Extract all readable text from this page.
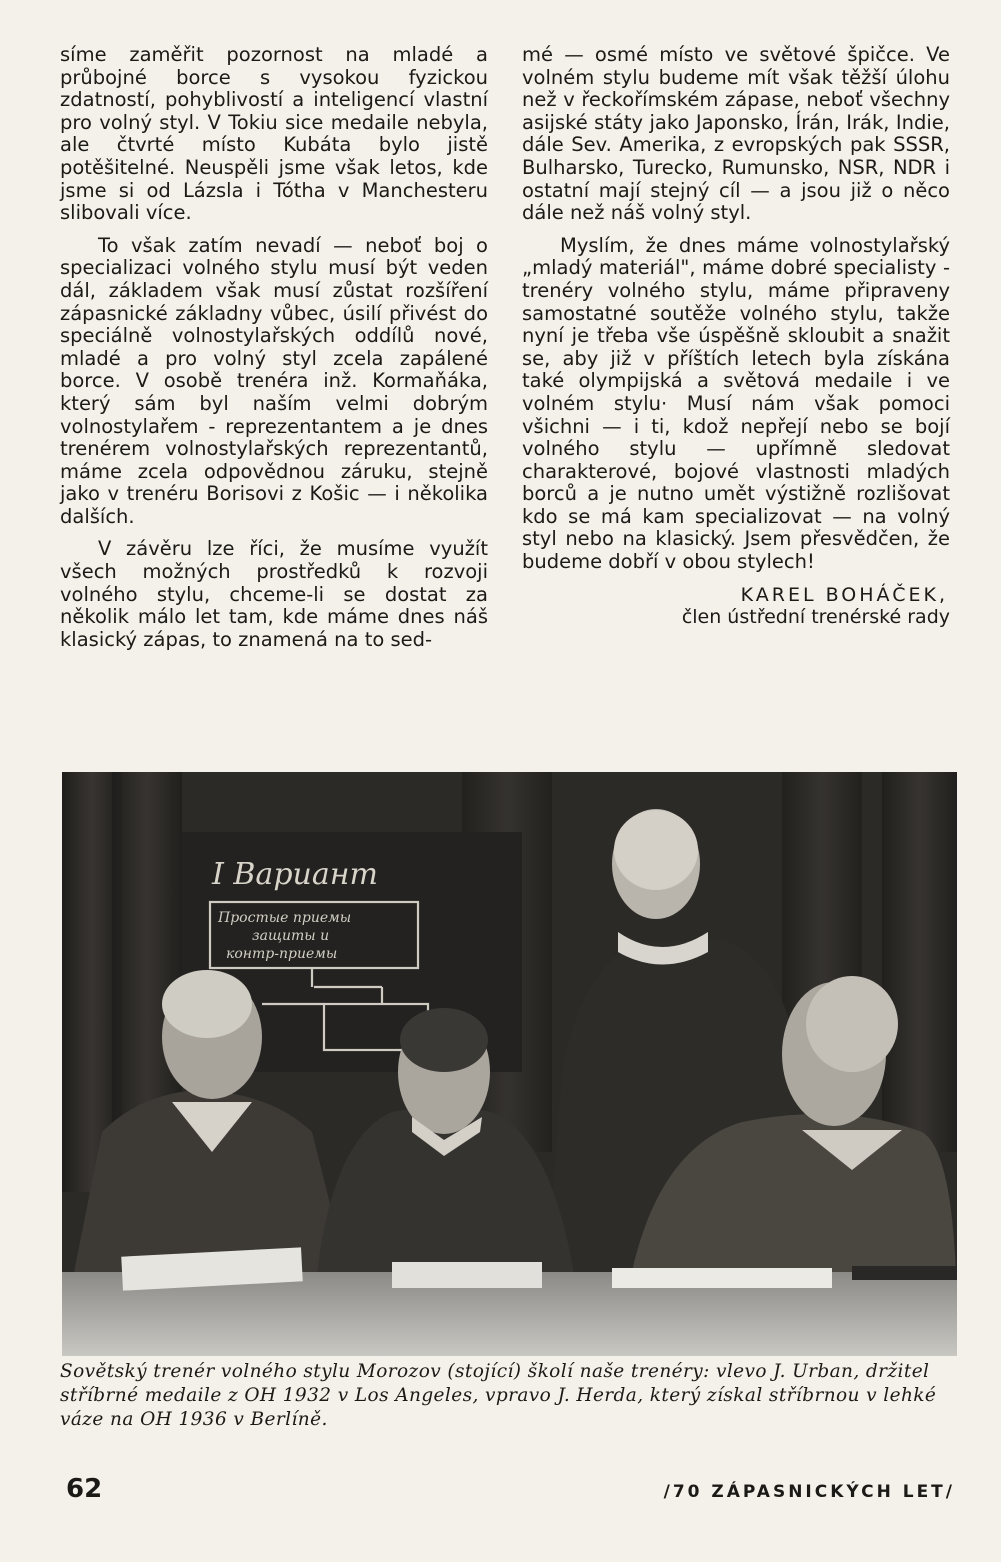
síme zaměřit pozornost na mladé a průbojné borce s vysokou fyzickou zdatností, pohyblivostí a inteligencí vlastní pro volný styl. V Tokiu sice medaile nebyla, ale čtvrté místo Kubáta bylo jistě potěšitelné. Neuspěli jsme však letos, kde jsme si od Lázsla i Tótha v Manchesteru slibovali více.

To však zatím nevadí — neboť boj o specializaci volného stylu musí být veden dál, základem však musí zůstat rozšíření zápasnické základny vůbec, úsilí přivést do speciálně volnostylařských oddílů nové, mladé a pro volný styl zcela zapálené borce. V osobě trenéra inž. Kormaňáka, který sám byl naším velmi dobrým volnostylařem - reprezentantem a je dnes trenérem volnostylařských reprezentantů, máme zcela odpovědnou záruku, stejně jako v trenéru Borisovi z Košic — i několika dalších.

V závěru lze říci, že musíme využít všech možných prostředků k rozvoji volného stylu, chceme-li se dostat za několik málo let tam, kde máme dnes náš klasický zápas, to znamená na to sed-

mé — osmé místo ve světové špičce. Ve volném stylu budeme mít však těžší úlohu než v řeckořímském zápase, neboť všechny asijské státy jako Japonsko, Írán, Irák, Indie, dále Sev. Amerika, z evropských pak SSSR, Bulharsko, Turecko, Rumunsko, NSR, NDR i ostatní mají stejný cíl — a jsou již o něco dále než náš volný styl.

Myslím, že dnes máme volnostylařský „mladý materiál", máme dobré specialisty - trenéry volného stylu, máme připraveny samostatné soutěže volného stylu, takže nyní je třeba vše úspěšně skloubit a snažit se, aby již v příštích letech byla získána také olympijská a světová medaile i ve volném stylu· Musí nám však pomoci všichni — i ti, kdož nepřejí nebo se bojí volného stylu — upřímně sledovat charakterové, bojové vlastnosti mladých borců a je nutno umět výstižně rozlišovat kdo se má kam specializovat — na volný styl nebo na klasický. Jsem přesvědčen, že budeme dobří v obou stylech!

KAREL BOHÁČEK,
člen ústřední trenérské rady
I Вариант
Простые приемы
защиты и
контр-приемы
Sovětský trenér volného stylu Morozov (stojící) školí naše trenéry: vlevo J. Urban, držitel stříbrné medaile z OH 1932 v Los Angeles, vpravo J. Herda, který získal stříbrnou v lehké váze na OH 1936 v Berlíně.
62	/70 ZÁPASNICKÝCH LET/
